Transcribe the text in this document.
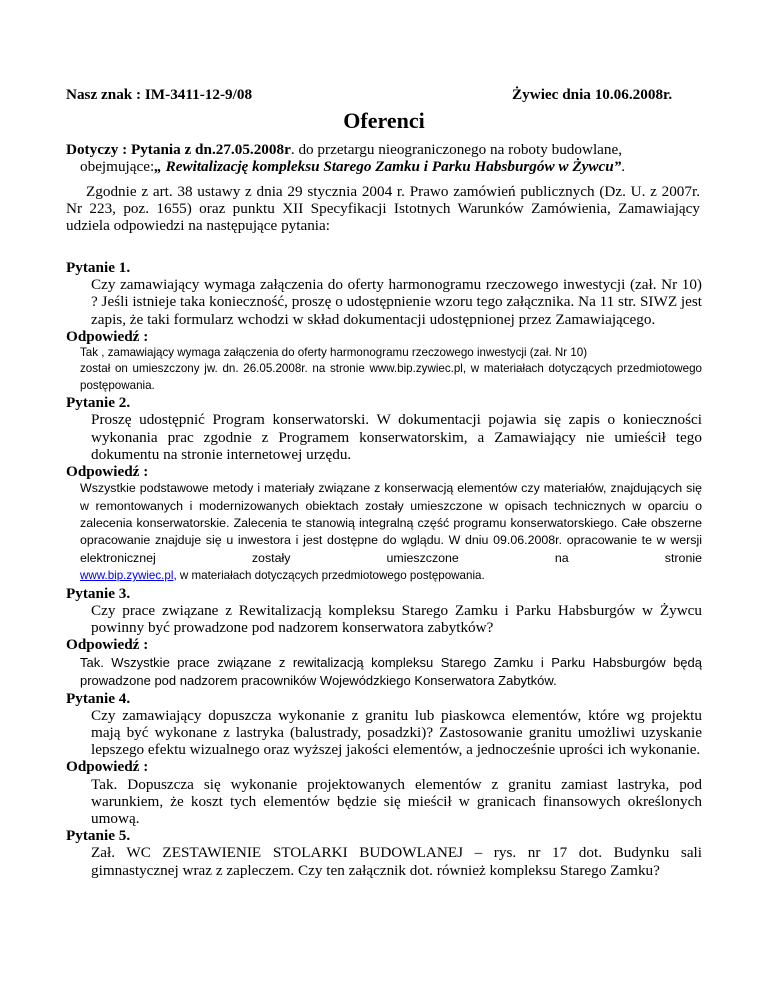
Nasz znak : IM-3411-12-9/08	Żywiec dnia 10.06.2008r.
Oferenci
Dotyczy : Pytania z dn.27.05.2008r. do przetargu nieograniczonego na roboty budowlane,
obejmujące:„ Rewitalizację kompleksu Starego Zamku i Parku Habsburgów w Żywcu”.
Zgodnie z art. 38 ustawy z dnia 29 stycznia 2004 r. Prawo zamówień publicznych (Dz. U. z 2007r. Nr 223, poz. 1655) oraz punktu XII Specyfikacji Istotnych Warunków Zamówienia, Zamawiający udziela odpowiedzi na następujące pytania:
Pytanie 1.
Czy zamawiający wymaga załączenia do oferty harmonogramu rzeczowego inwestycji (zał. Nr 10) ? Jeśli istnieje taka konieczność, proszę o udostępnienie wzoru tego załącznika. Na 11 str. SIWZ jest zapis, że taki formularz wchodzi w skład dokumentacji udostępnionej przez Zamawiającego.
Odpowiedź :
Tak , zamawiający wymaga załączenia do oferty harmonogramu rzeczowego inwestycji (zał. Nr 10)
został on umieszczony jw. dn. 26.05.2008r. na stronie www.bip.zywiec.pl, w materiałach dotyczących przedmiotowego postępowania.
Pytanie 2.
Proszę udostępnić Program konserwatorski. W dokumentacji pojawia się zapis o konieczności wykonania prac zgodnie z Programem konserwatorskim, a Zamawiający nie umieścił tego dokumentu na stronie internetowej urzędu.
Odpowiedź :
Wszystkie podstawowe metody i materiały związane z konserwacją elementów czy materiałów, znajdujących się w remontowanych i modernizowanych obiektach zostały umieszczone w opisach technicznych w oparciu o zalecenia konserwatorskie. Zalecenia te stanowią integralną część programu konserwatorskiego. Całe obszerne opracowanie znajduje się u inwestora i jest dostępne do wglądu. W dniu 09.06.2008r. opracowanie te w wersji elektronicznej zostały umieszczone na stronie
www.bip.zywiec.pl, w materiałach dotyczących przedmiotowego postępowania.
Pytanie 3.
Czy prace związane z Rewitalizacją kompleksu Starego Zamku i Parku Habsburgów w Żywcu powinny być prowadzone pod nadzorem konserwatora zabytków?
Odpowiedź :
Tak. Wszystkie prace związane z rewitalizacją kompleksu Starego Zamku i Parku Habsburgów będą prowadzone pod nadzorem pracowników Wojewódzkiego Konserwatora Zabytków.
Pytanie 4.
Czy zamawiający dopuszcza wykonanie z granitu lub piaskowca elementów, które wg projektu mają być wykonane z lastryka (balustrady, posadzki)? Zastosowanie granitu umożliwi uzyskanie lepszego efektu wizualnego oraz wyższej jakości elementów, a jednocześnie uprości ich wykonanie.
Odpowiedź :
Tak. Dopuszcza się wykonanie projektowanych elementów z granitu zamiast lastryka, pod warunkiem, że koszt tych elementów będzie się mieścił w granicach finansowych określonych umową.
Pytanie 5.
Zał. WC ZESTAWIENIE STOLARKI BUDOWLANEJ – rys. nr 17 dot. Budynku sali gimnastycznej wraz z zapleczem. Czy ten załącznik dot. również kompleksu Starego Zamku?
